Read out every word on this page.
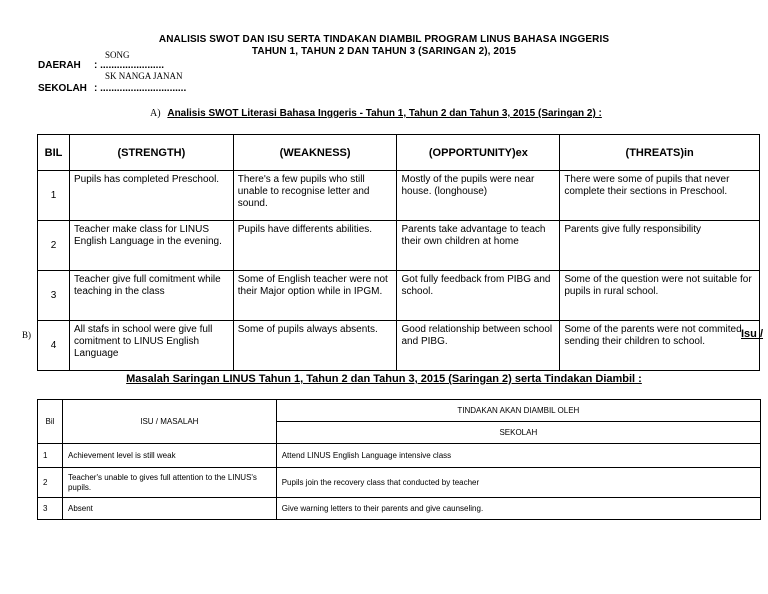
ANALISIS SWOT DAN ISU SERTA TINDAKAN DIAMBIL PROGRAM LINUS BAHASA INGGERIS
TAHUN 1, TAHUN 2 DAN TAHUN 3 (SARINGAN 2), 2015
SONG
DAERAH : .......................
SK NANGA JANAN
SEKOLAH : ...............................
A) Analisis SWOT Literasi Bahasa Inggeris - Tahun 1, Tahun 2 dan Tahun 3, 2015 (Saringan 2) :
BIL	(STRENGTH)	(WEAKNESS)	(OPPORTUNITY)ex	(THREATS)in
1	Pupils has completed Preschool.	There's a few pupils who still unable to recognise letter and sound.	Mostly of the pupils were near house. (longhouse)	There were some of pupils that never complete their sections in Preschool.
2	Teacher make class for LINUS English Language in the evening.	Pupils have differents abilities.	Parents take advantage to teach their own children at home	Parents give fully responsibility
3	Teacher give full comitment while teaching in the class	Some of English teacher were not their Major option while in IPGM.	Got fully feedback from PIBG and school.	Some of the question were not suitable for pupils in rural school.
4	All stafs in school were give full comitment to LINUS English Language	Some of pupils always absents.	Good relationship between school and PIBG.	Some of the parents were not commited sending their children to school.
B)	Isu /
Masalah Saringan LINUS Tahun 1, Tahun 2 dan Tahun 3, 2015 (Saringan 2) serta Tindakan Diambil :
Bil	ISU / MASALAH	TINDAKAN AKAN DIAMBIL OLEH
		SEKOLAH
1	Achievement level is still weak	Attend LINUS English Language intensive class
2	Teacher's unable to gives full attention to the LINUS's pupils.	Pupils join the recovery class that conducted by teacher
3	Absent	Give warning letters to their parents and give caunseling.
